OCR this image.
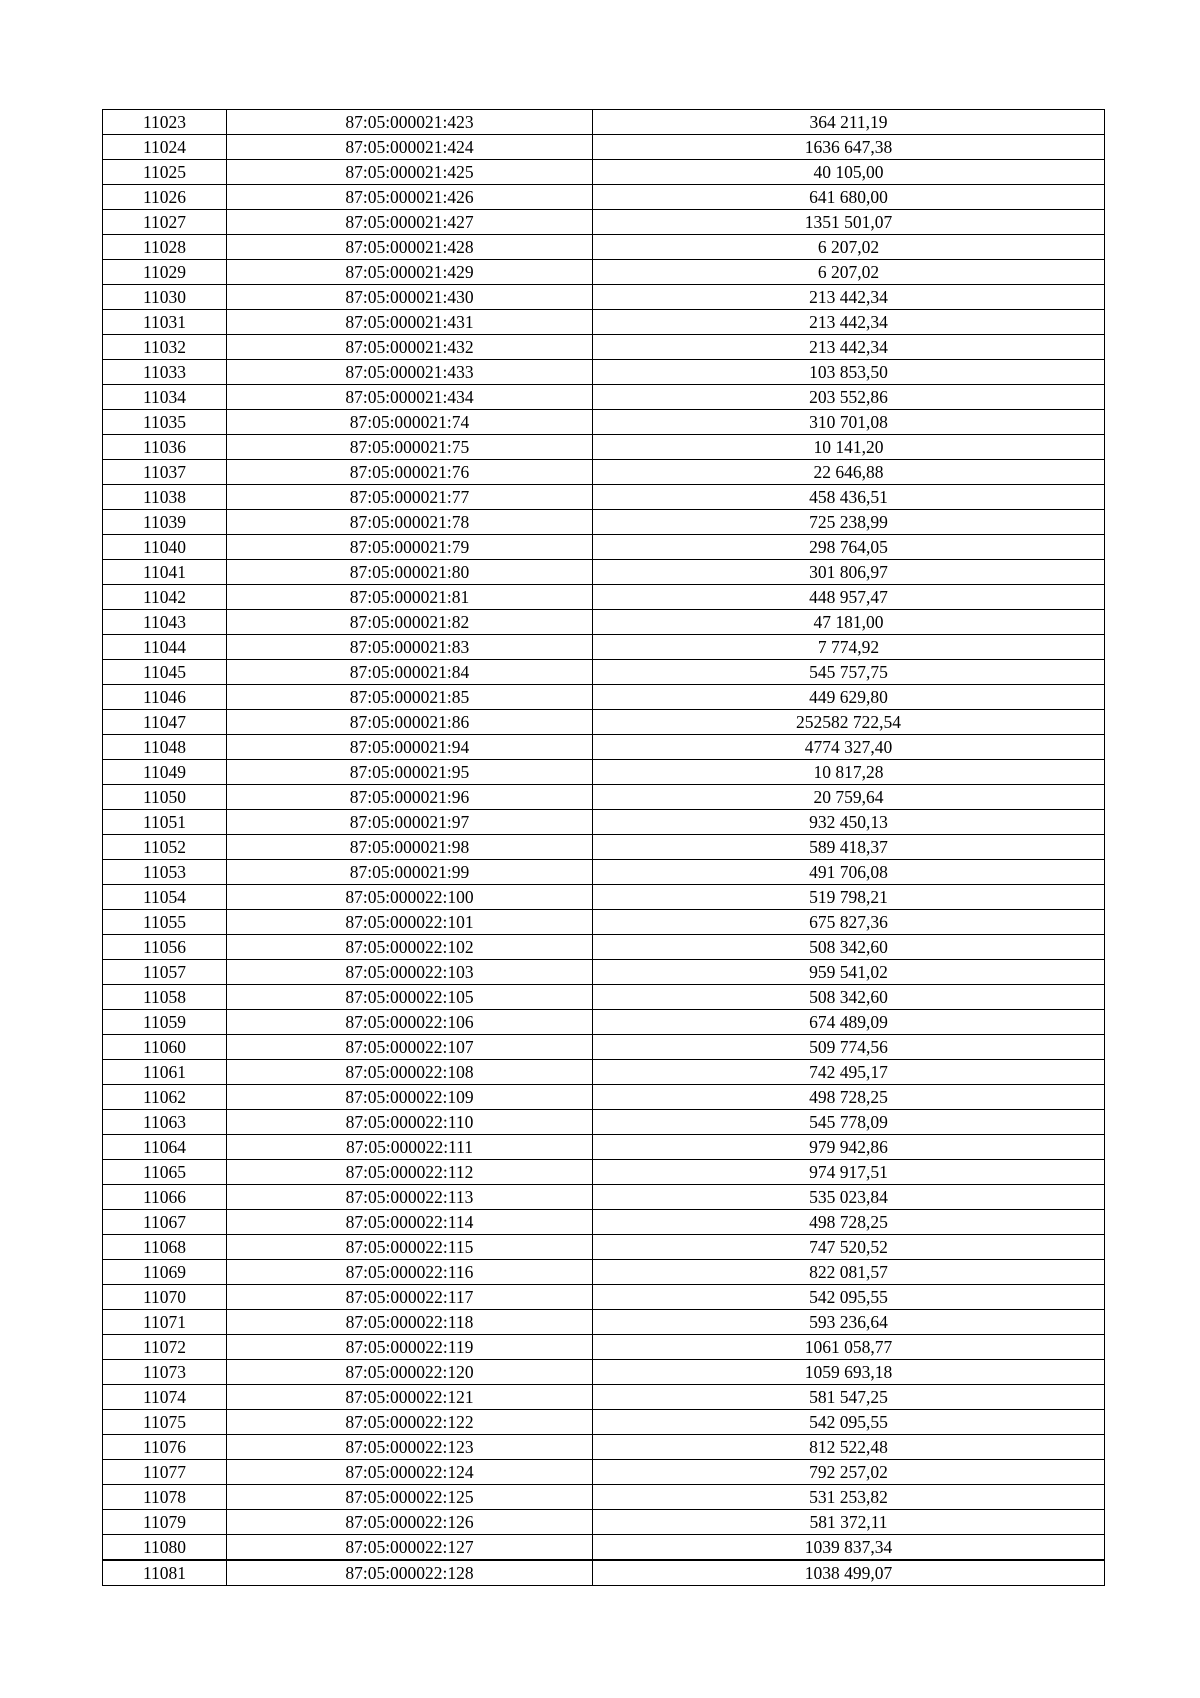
11023	87:05:000021:423	364 211,19
11024	87:05:000021:424	1636 647,38
11025	87:05:000021:425	40 105,00
11026	87:05:000021:426	641 680,00
11027	87:05:000021:427	1351 501,07
11028	87:05:000021:428	6 207,02
11029	87:05:000021:429	6 207,02
11030	87:05:000021:430	213 442,34
11031	87:05:000021:431	213 442,34
11032	87:05:000021:432	213 442,34
11033	87:05:000021:433	103 853,50
11034	87:05:000021:434	203 552,86
11035	87:05:000021:74	310 701,08
11036	87:05:000021:75	10 141,20
11037	87:05:000021:76	22 646,88
11038	87:05:000021:77	458 436,51
11039	87:05:000021:78	725 238,99
11040	87:05:000021:79	298 764,05
11041	87:05:000021:80	301 806,97
11042	87:05:000021:81	448 957,47
11043	87:05:000021:82	47 181,00
11044	87:05:000021:83	7 774,92
11045	87:05:000021:84	545 757,75
11046	87:05:000021:85	449 629,80
11047	87:05:000021:86	252582 722,54
11048	87:05:000021:94	4774 327,40
11049	87:05:000021:95	10 817,28
11050	87:05:000021:96	20 759,64
11051	87:05:000021:97	932 450,13
11052	87:05:000021:98	589 418,37
11053	87:05:000021:99	491 706,08
11054	87:05:000022:100	519 798,21
11055	87:05:000022:101	675 827,36
11056	87:05:000022:102	508 342,60
11057	87:05:000022:103	959 541,02
11058	87:05:000022:105	508 342,60
11059	87:05:000022:106	674 489,09
11060	87:05:000022:107	509 774,56
11061	87:05:000022:108	742 495,17
11062	87:05:000022:109	498 728,25
11063	87:05:000022:110	545 778,09
11064	87:05:000022:111	979 942,86
11065	87:05:000022:112	974 917,51
11066	87:05:000022:113	535 023,84
11067	87:05:000022:114	498 728,25
11068	87:05:000022:115	747 520,52
11069	87:05:000022:116	822 081,57
11070	87:05:000022:117	542 095,55
11071	87:05:000022:118	593 236,64
11072	87:05:000022:119	1061 058,77
11073	87:05:000022:120	1059 693,18
11074	87:05:000022:121	581 547,25
11075	87:05:000022:122	542 095,55
11076	87:05:000022:123	812 522,48
11077	87:05:000022:124	792 257,02
11078	87:05:000022:125	531 253,82
11079	87:05:000022:126	581 372,11
11080	87:05:000022:127	1039 837,34
11081	87:05:000022:128	1038 499,07
